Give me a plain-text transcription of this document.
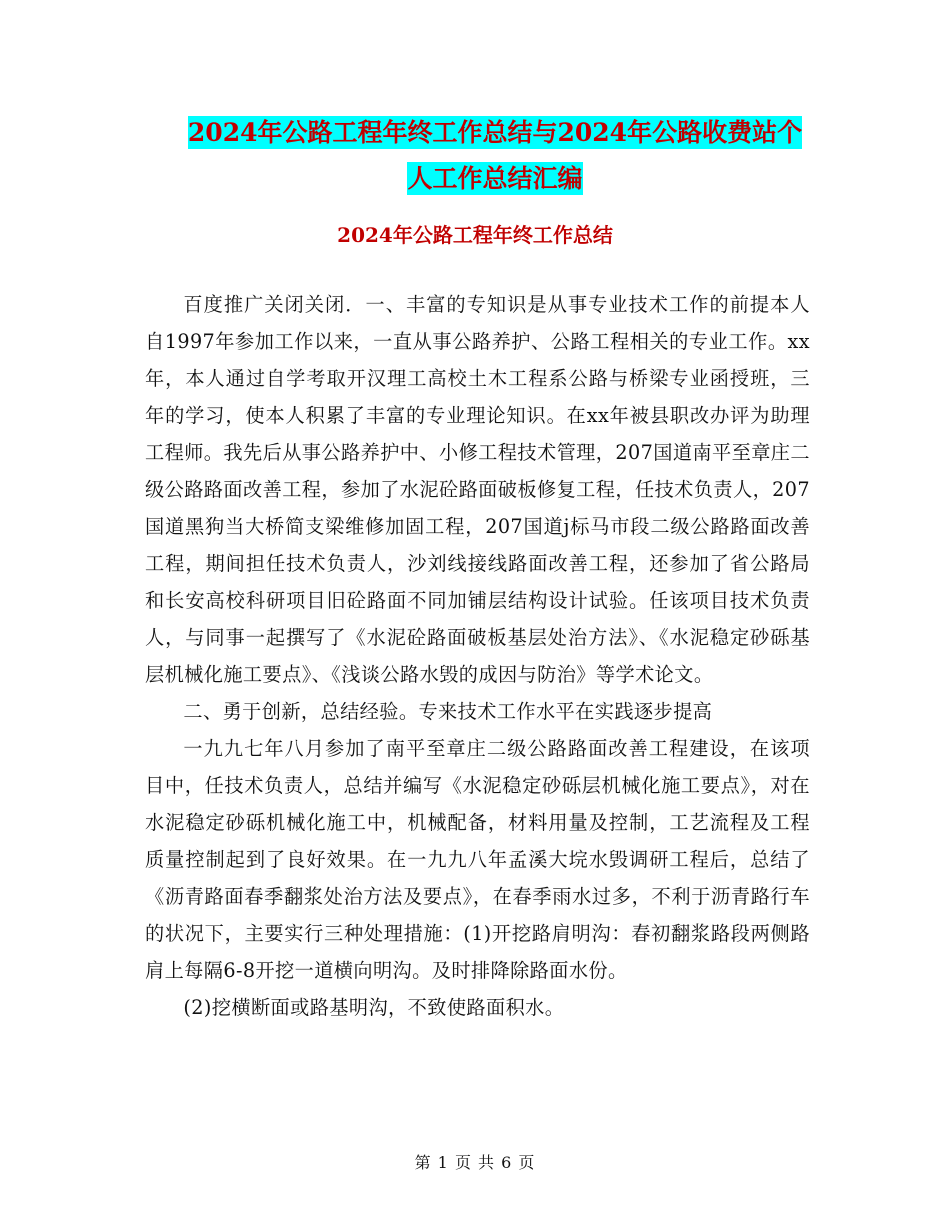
2024年公路工程年终工作总结与2024年公路收费站个
人工作总结汇编
2024年公路工程年终工作总结

百度推广关闭关闭．一、丰富的专知识是从事专业技术工作的前提本人自1997年参加工作以来，一直从事公路养护、公路工程相关的专业工作。xx年，本人通过自学考取开汉理工高校土木工程系公路与桥梁专业函授班，三年的学习，使本人积累了丰富的专业理论知识。在xx年被县职改办评为助理工程师。我先后从事公路养护中、小修工程技术管理，207国道南平至章庄二级公路路面改善工程，参加了水泥砼路面破板修复工程，任技术负责人，207国道黑狗当大桥简支梁维修加固工程，207国道j标马市段二级公路路面改善工程，期间担任技术负责人，沙刘线接线路面改善工程，还参加了省公路局和长安高校科研项目旧砼路面不同加铺层结构设计试验。任该项目技术负责人，与同事一起撰写了《水泥砼路面破板基层处治方法》、《水泥稳定砂砾基层机械化施工要点》、《浅谈公路水毁的成因与防治》等学术论文。

二、勇于创新，总结经验。专来技术工作水平在实践逐步提高

一九九七年八月参加了南平至章庄二级公路路面改善工程建设，在该项目中，任技术负责人，总结并编写《水泥稳定砂砾层机械化施工要点》，对在水泥稳定砂砾机械化施工中，机械配备，材料用量及控制，工艺流程及工程质量控制起到了良好效果。在一九九八年孟溪大垸水毁调研工程后，总结了《沥青路面春季翻浆处治方法及要点》，在春季雨水过多，不利于沥青路行车的状况下，主要实行三种处理措施：(1)开挖路肩明沟：春初翻浆路段两侧路肩上每隔6-8开挖一道横向明沟。及时排降除路面水份。

(2)挖横断面或路基明沟，不致使路面积水。

第 1 页 共 6 页
